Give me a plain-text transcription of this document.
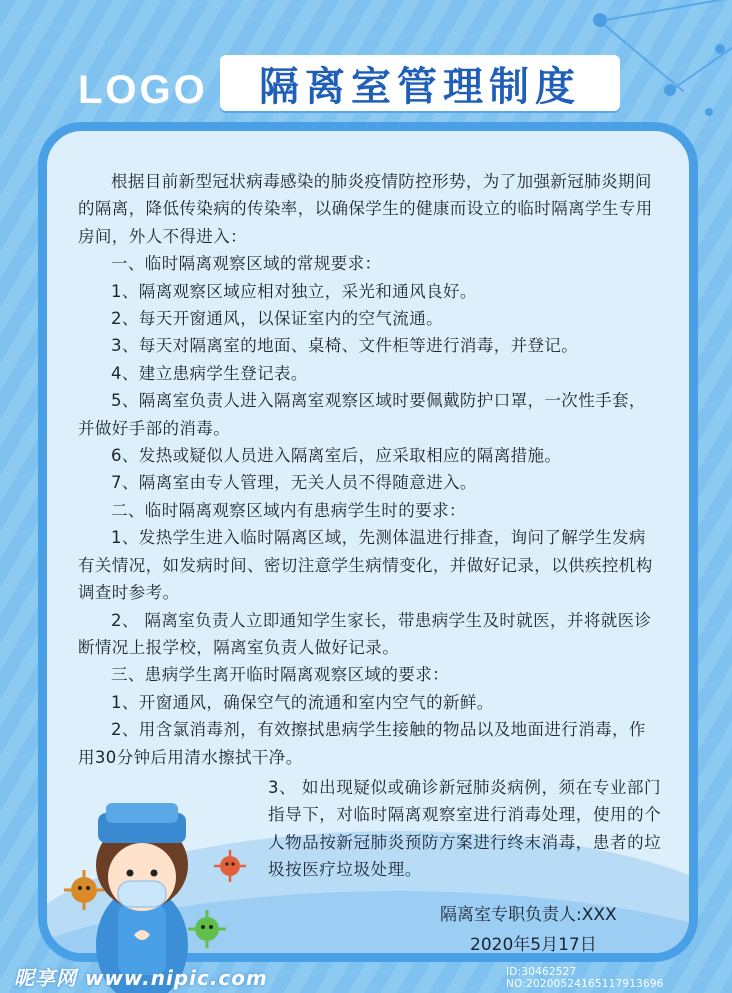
LOGO 隔离室管理制度

根据目前新型冠状病毒感染的肺炎疫情防控形势，为了加强新冠肺炎期间的隔离，降低传染病的传染率，以确保学生的健康而设立的临时隔离学生专用房间，外人不得进入：

一、临时隔离观察区域的常规要求：

1、隔离观察区域应相对独立，采光和通风良好。

2、每天开窗通风，以保证室内的空气流通。

3、每天对隔离室的地面、桌椅、文件柜等进行消毒，并登记。

4、建立患病学生登记表。

5、隔离室负责人进入隔离室观察区域时要佩戴防护口罩，一次性手套，并做好手部的消毒。

6、发热或疑似人员进入隔离室后，应采取相应的隔离措施。

7、隔离室由专人管理，无关人员不得随意进入。

二、临时隔离观察区域内有患病学生时的要求：

1、发热学生进入临时隔离区域，先测体温进行排查，询问了解学生发病有关情况，如发病时间、密切注意学生病情变化，并做好记录，以供疾控机构调查时参考。

2、 隔离室负责人立即通知学生家长，带患病学生及时就医，并将就医诊断情况上报学校，隔离室负责人做好记录。

三、患病学生离开临时隔离观察区域的要求：

1、开窗通风，确保空气的流通和室内空气的新鲜。

2、用含氯消毒剂，有效擦拭患病学生接触的物品以及地面进行消毒，作用30分钟后用清水擦拭干净。

3、 如出现疑似或确诊新冠肺炎病例，须在专业部门指导下，对临时隔离观察室进行消毒处理，使用的个人物品按新冠肺炎预防方案进行终末消毒，患者的垃圾按医疗垃圾处理。

隔离室专职负责人:XXX
2020年5月17日
昵享网 www.nipic.com	ID:30462527 NO:20200524165117913696
